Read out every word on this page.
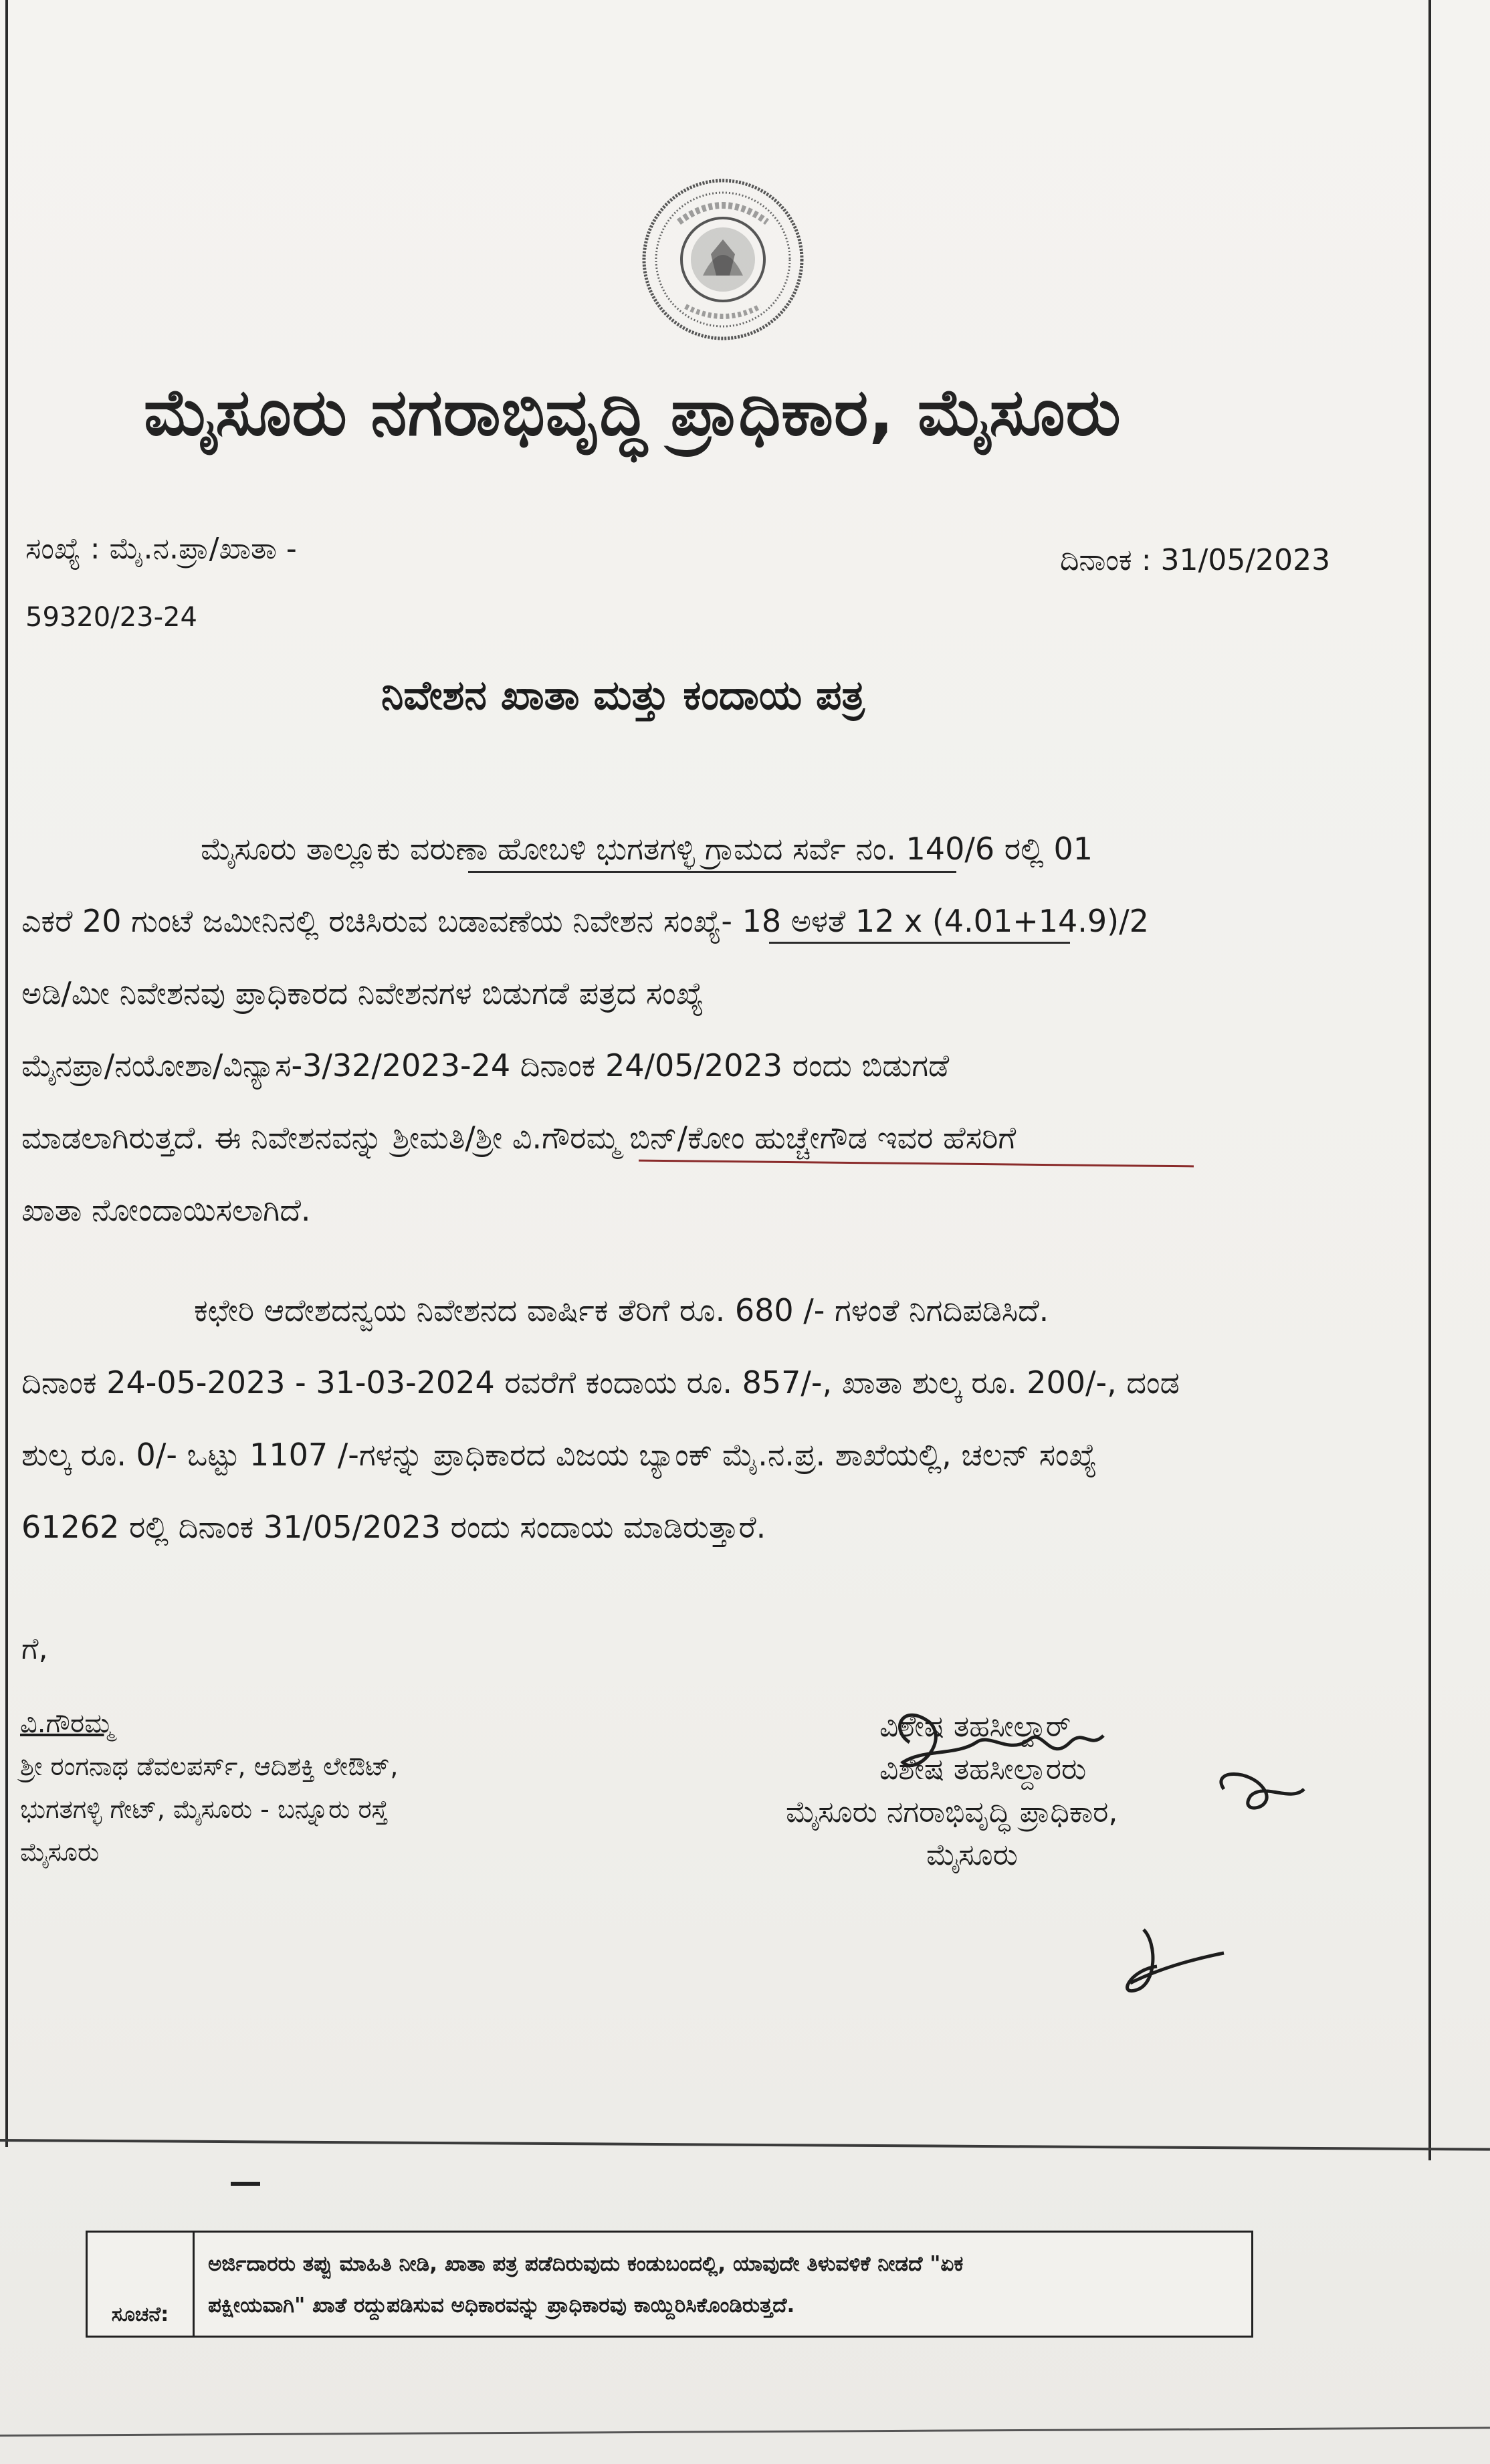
ಮೈಸೂರು ನಗರಾಭಿವೃದ್ಧಿ ಪ್ರಾಧಿಕಾರ, ಮೈಸೂರು
ಸಂಖ್ಯೆ : ಮೈ.ನ.ಪ್ರಾ/ಖಾತಾ -
59320/23-24
ದಿನಾಂಕ : 31/05/2023
ನಿವೇಶನ ಖಾತಾ ಮತ್ತು ಕಂದಾಯ ಪತ್ರ
ಮೈಸೂರು ತಾಲ್ಲೂಕು ವರುಣಾ ಹೋಬಳಿ ಭುಗತಗಳ್ಳಿ ಗ್ರಾಮದ ಸರ್ವೆ ನಂ. 140/6 ರಲ್ಲಿ 01
ಎಕರೆ 20 ಗುಂಟೆ ಜಮೀನಿನಲ್ಲಿ ರಚಿಸಿರುವ ಬಡಾವಣೆಯ ನಿವೇಶನ ಸಂಖ್ಯೆ- 18 ಅಳತೆ 12 x (4.01+14.9)/2
ಅಡಿ/ಮೀ ನಿವೇಶನವು ಪ್ರಾಧಿಕಾರದ ನಿವೇಶನಗಳ ಬಿಡುಗಡೆ ಪತ್ರದ ಸಂಖ್ಯೆ
ಮೈನಪ್ರಾ/ನಯೋಶಾ/ವಿನ್ಯಾಸ-3/32/2023-24 ದಿನಾಂಕ 24/05/2023 ರಂದು ಬಿಡುಗಡೆ
ಮಾಡಲಾಗಿರುತ್ತದೆ. ಈ ನಿವೇಶನವನ್ನು ಶ್ರೀಮತಿ/ಶ್ರೀ ವಿ.ಗೌರಮ್ಮ ಬಿನ್/ಕೋಂ ಹುಚ್ಚೇಗೌಡ ಇವರ ಹೆಸರಿಗೆ
ಖಾತಾ ನೋಂದಾಯಿಸಲಾಗಿದೆ.
ಕಛೇರಿ ಆದೇಶದನ್ವಯ ನಿವೇಶನದ ವಾರ್ಷಿಕ ತೆರಿಗೆ ರೂ. 680 /- ಗಳಂತೆ ನಿಗದಿಪಡಿಸಿದೆ.
ದಿನಾಂಕ 24-05-2023 - 31-03-2024 ರವರೆಗೆ ಕಂದಾಯ ರೂ. 857/-, ಖಾತಾ ಶುಲ್ಕ ರೂ. 200/-, ದಂಡ
ಶುಲ್ಕ ರೂ. 0/- ಒಟ್ಟು 1107 /-ಗಳನ್ನು ಪ್ರಾಧಿಕಾರದ ವಿಜಯ ಬ್ಯಾಂಕ್ ಮೈ.ನ.ಪ್ರ. ಶಾಖೆಯಲ್ಲಿ, ಚಲನ್ ಸಂಖ್ಯೆ
61262 ರಲ್ಲಿ ದಿನಾಂಕ 31/05/2023 ರಂದು ಸಂದಾಯ ಮಾಡಿರುತ್ತಾರೆ.
ಗೆ,
ವಿ.ಗೌರಮ್ಮ
ಶ್ರೀ ರಂಗನಾಥ ಡೆವಲಪರ್ಸ್, ಆದಿಶಕ್ತಿ ಲೇಔಟ್,
ಭುಗತಗಳ್ಳಿ ಗೇಟ್, ಮೈಸೂರು - ಬನ್ನೂರು ರಸ್ತೆ
ಮೈಸೂರು
ವಿಶೇಷ ತಹಸೀಲ್ದಾರ್
ವಿಶೇಷ ತಹಸೀಲ್ದಾರರು
ಮೈಸೂರು ನಗರಾಭಿವೃದ್ಧಿ ಪ್ರಾಧಿಕಾರ,
ಮೈಸೂರು
ಸೂಚನೆ:
ಅರ್ಜಿದಾರರು ತಪ್ಪು ಮಾಹಿತಿ ನೀಡಿ, ಖಾತಾ ಪತ್ರ ಪಡೆದಿರುವುದು ಕಂಡುಬಂದಲ್ಲಿ, ಯಾವುದೇ ತಿಳುವಳಿಕೆ ನೀಡದೆ "ಏಕ
ಪಕ್ಷೀಯವಾಗಿ" ಖಾತೆ ರದ್ದುಪಡಿಸುವ ಅಧಿಕಾರವನ್ನು ಪ್ರಾಧಿಕಾರವು ಕಾಯ್ದಿರಿಸಿಕೊಂಡಿರುತ್ತದೆ.
